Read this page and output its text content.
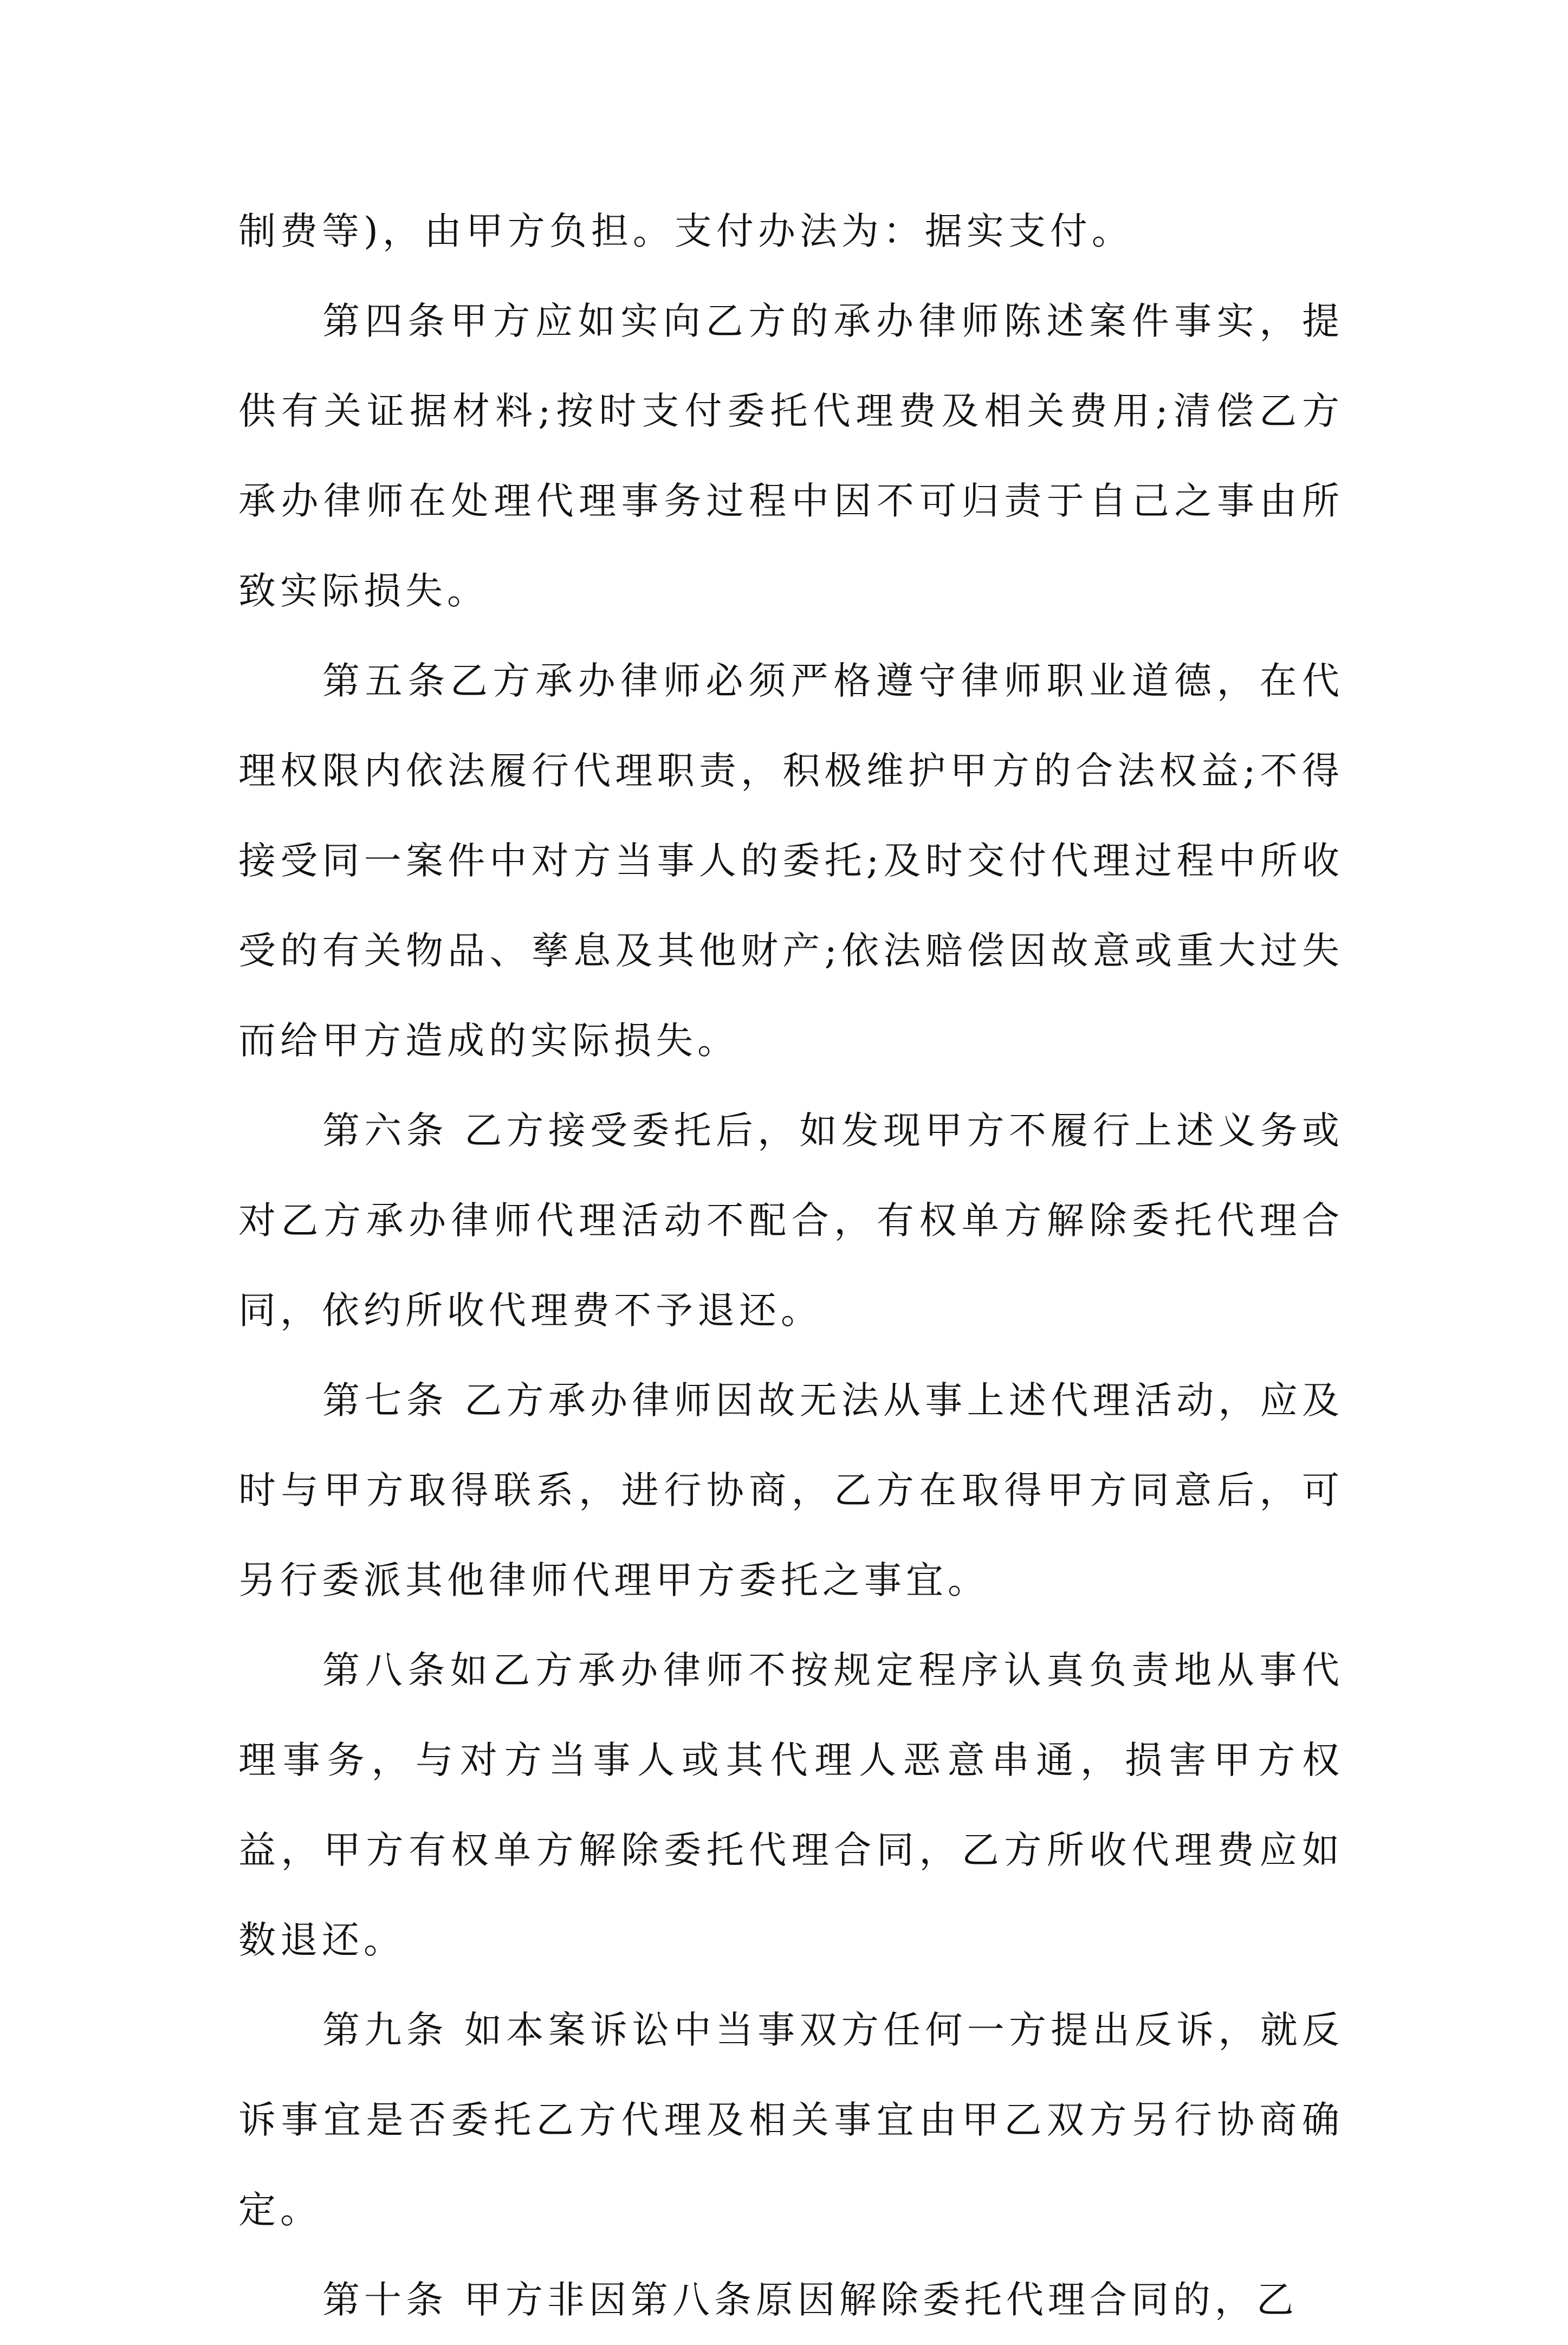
制费等)，由甲方负担。支付办法为：据实支付。

第四条甲方应如实向乙方的承办律师陈述案件事实，提供有关证据材料;按时支付委托代理费及相关费用;清偿乙方承办律师在处理代理事务过程中因不可归责于自己之事由所致实际损失。

第五条乙方承办律师必须严格遵守律师职业道德，在代理权限内依法履行代理职责，积极维护甲方的合法权益;不得接受同一案件中对方当事人的委托;及时交付代理过程中所收受的有关物品、孳息及其他财产;依法赔偿因故意或重大过失而给甲方造成的实际损失。

第六条 乙方接受委托后，如发现甲方不履行上述义务或对乙方承办律师代理活动不配合，有权单方解除委托代理合同，依约所收代理费不予退还。

第七条 乙方承办律师因故无法从事上述代理活动，应及时与甲方取得联系，进行协商，乙方在取得甲方同意后，可另行委派其他律师代理甲方委托之事宜。

第八条如乙方承办律师不按规定程序认真负责地从事代理事务，与对方当事人或其代理人恶意串通，损害甲方权益，甲方有权单方解除委托代理合同，乙方所收代理费应如数退还。

第九条 如本案诉讼中当事双方任何一方提出反诉，就反诉事宜是否委托乙方代理及相关事宜由甲乙双方另行协商确定。

第十条 甲方非因第八条原因解除委托代理合同的，乙
